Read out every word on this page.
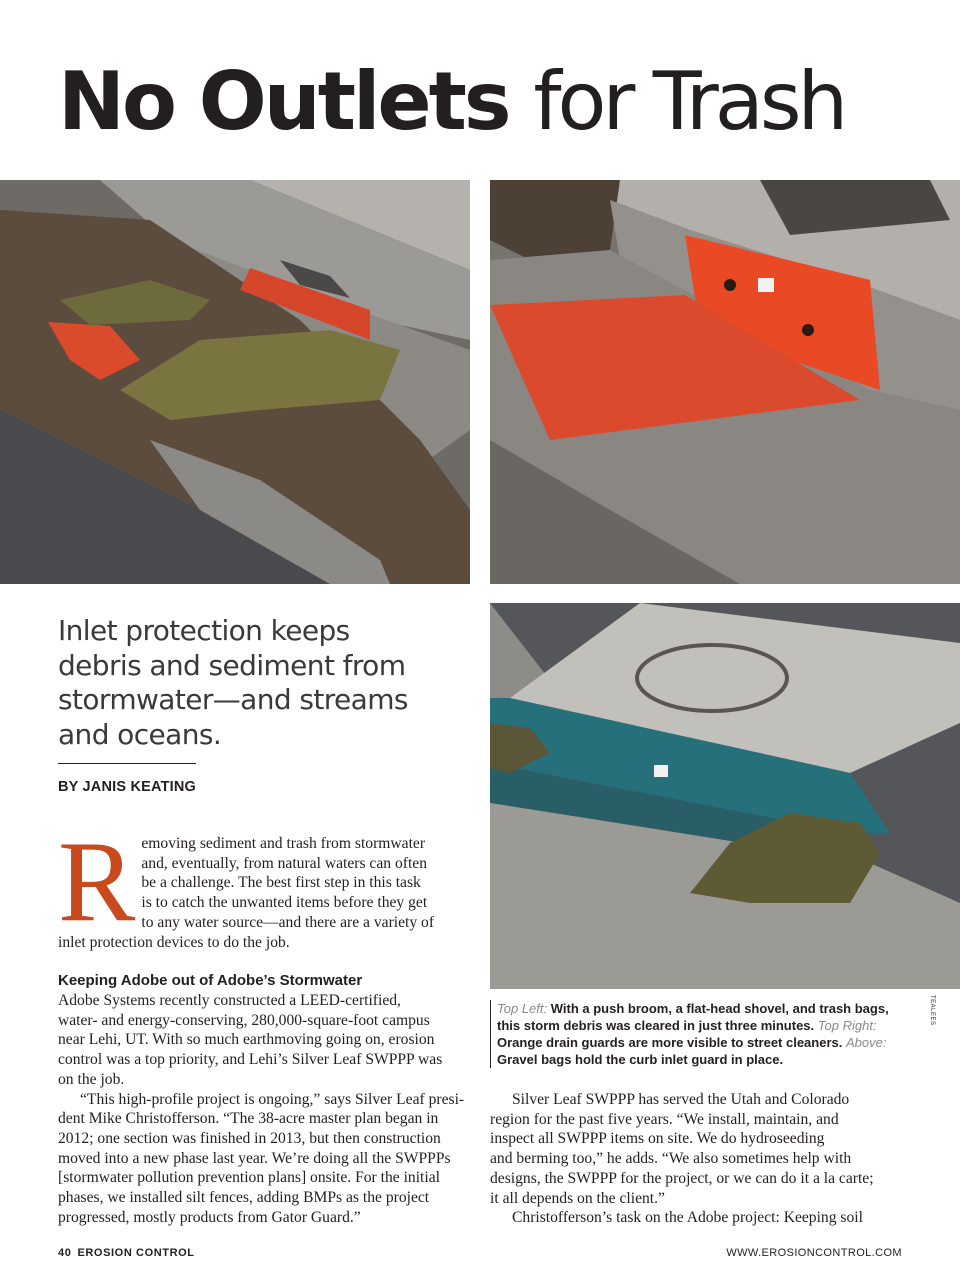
No Outlets for Trash

Inlet protection keeps debris and sediment from stormwater—and streams and oceans.

BY JANIS KEATING
R emoving sediment and trash from stormwater
and, eventually, from natural waters can often
be a challenge. The best first step in this task
is to catch the unwanted items before they get
to any water source—and there are a variety of
inlet protection devices to do the job.
Keeping Adobe out of Adobe’s Stormwater

Adobe Systems recently constructed a LEED-certified,
water- and energy-conserving, 280,000-square-foot campus
near Lehi, UT. With so much earthmoving going on, erosion
control was a top priority, and Lehi’s Silver Leaf SWPPP was
on the job.

“This high-profile project is ongoing,” says Silver Leaf presi-
dent Mike Christofferson. “The 38-acre master plan began in
2012; one section was finished in 2013, but then construction
moved into a new phase last year. We’re doing all the SWPPPs
[stormwater pollution prevention plans] onsite. For the initial
phases, we installed silt fences, adding BMPs as the project
progressed, mostly products from Gator Guard.”

Top Left: With a push broom, a flat-head shovel, and trash bags, this storm debris was cleared in just three minutes. Top Right: Orange drain guards are more visible to street cleaners. Above: Gravel bags hold the curb inlet guard in place.
TEALEES

Silver Leaf SWPPP has served the Utah and Colorado
region for the past five years. “We install, maintain, and
inspect all SWPPP items on site. We do hydroseeding
and berming too,” he adds. “We also sometimes help with
designs, the SWPPP for the project, or we can do it a la carte;
it all depends on the client.”

Christofferson’s task on the Adobe project: Keeping soil

40 EROSION CONTROL	WWW.EROSIONCONTROL.COM
